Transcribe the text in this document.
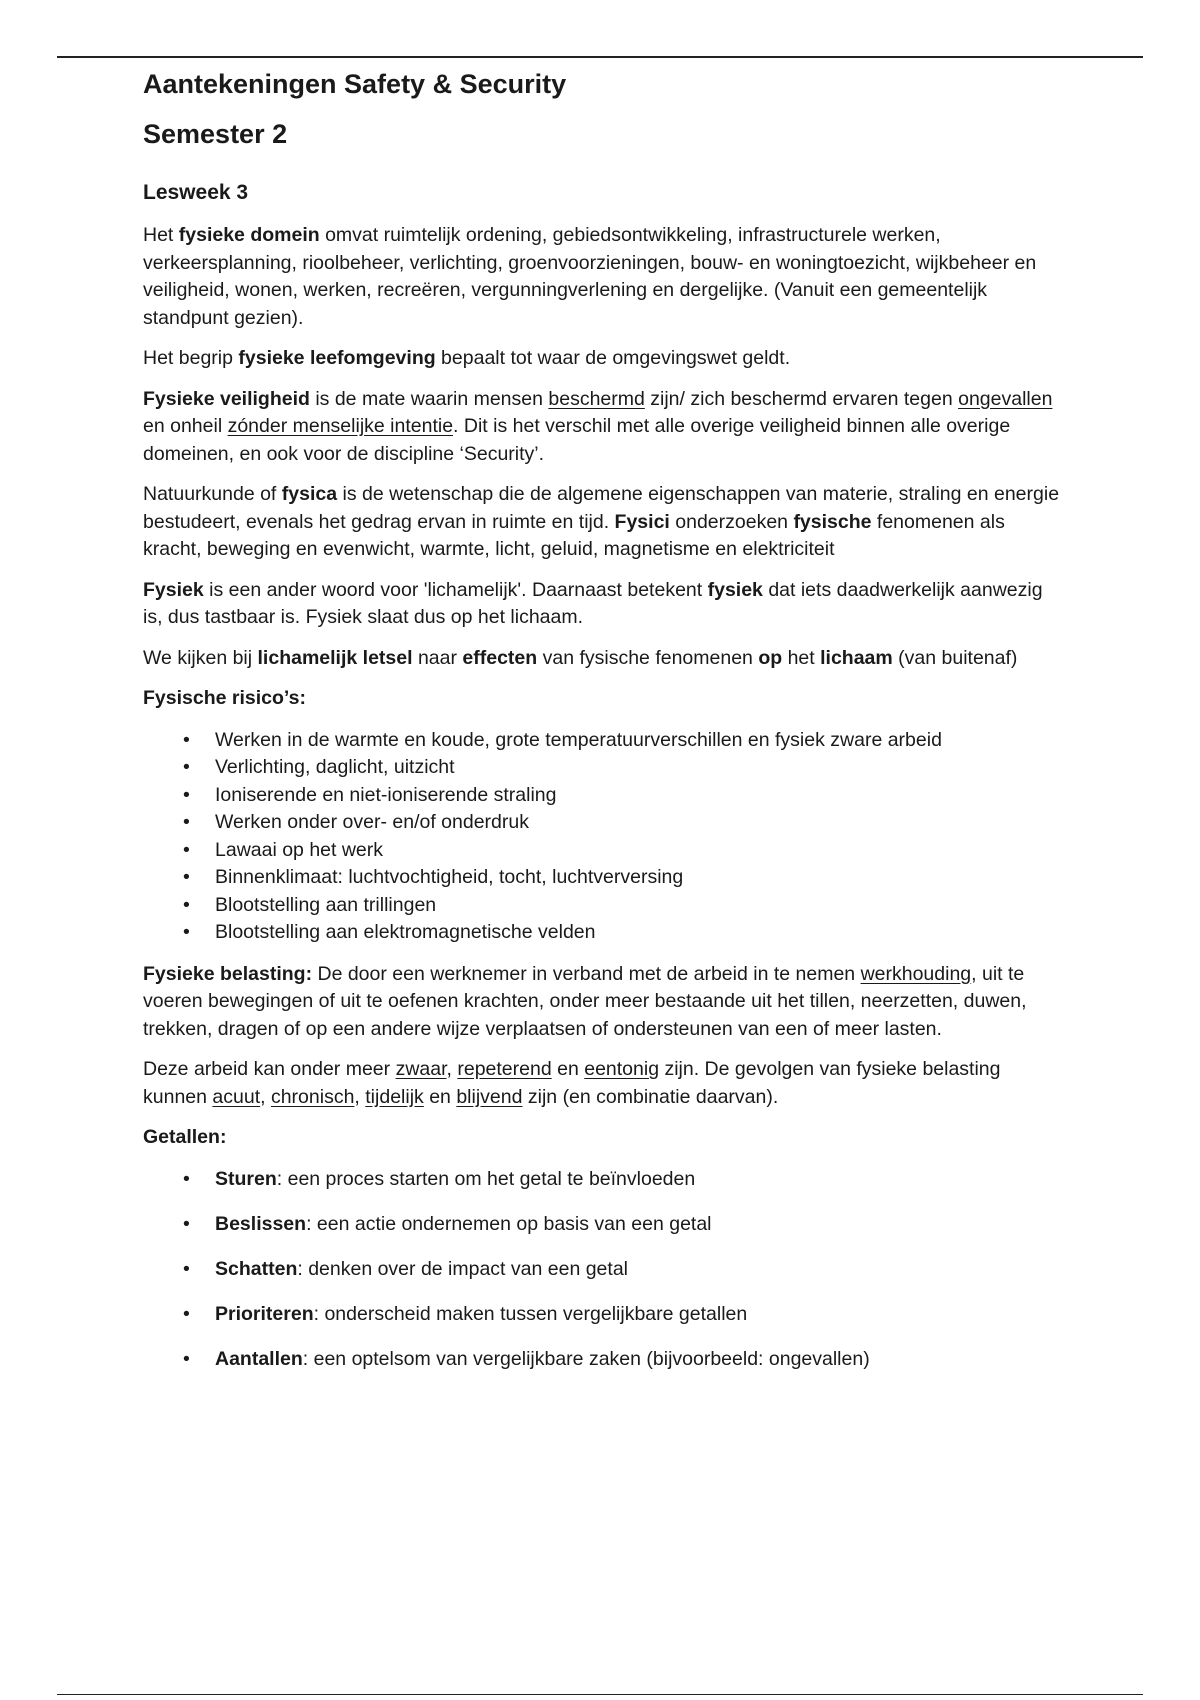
Aantekeningen Safety & Security
Semester 2
Lesweek 3

Het fysieke domein omvat ruimtelijk ordening, gebiedsontwikkeling, infrastructurele werken, verkeersplanning, rioolbeheer, verlichting, groenvoorzieningen, bouw- en woningtoezicht, wijkbeheer en veiligheid, wonen, werken, recreëren, vergunningverlening en dergelijke. (Vanuit een gemeentelijk standpunt gezien).

Het begrip fysieke leefomgeving bepaalt tot waar de omgevingswet geldt.

Fysieke veiligheid is de mate waarin mensen beschermd zijn/ zich beschermd ervaren tegen ongevallen en onheil zónder menselijke intentie. Dit is het verschil met alle overige veiligheid binnen alle overige domeinen, en ook voor de discipline ‘Security’.

Natuurkunde of fysica is de wetenschap die de algemene eigenschappen van materie, straling en energie bestudeert, evenals het gedrag ervan in ruimte en tijd. Fysici onderzoeken fysische fenomenen als kracht, beweging en evenwicht, warmte, licht, geluid, magnetisme en elektriciteit

Fysiek is een ander woord voor 'lichamelijk'. Daarnaast betekent fysiek dat iets daadwerkelijk aanwezig is, dus tastbaar is. Fysiek slaat dus op het lichaam.

We kijken bij lichamelijk letsel naar effecten van fysische fenomenen op het lichaam (van buitenaf)

Fysische risico’s:

• Werken in de warmte en koude, grote temperatuurverschillen en fysiek zware arbeid
• Verlichting, daglicht, uitzicht
• Ioniserende en niet-ioniserende straling
• Werken onder over- en/of onderdruk
• Lawaai op het werk
• Binnenklimaat: luchtvochtigheid, tocht, luchtverversing
• Blootstelling aan trillingen
• Blootstelling aan elektromagnetische velden

Fysieke belasting: De door een werknemer in verband met de arbeid in te nemen werkhouding, uit te voeren bewegingen of uit te oefenen krachten, onder meer bestaande uit het tillen, neerzetten, duwen, trekken, dragen of op een andere wijze verplaatsen of ondersteunen van een of meer lasten.

Deze arbeid kan onder meer zwaar, repeterend en eentonig zijn. De gevolgen van fysieke belasting kunnen acuut, chronisch, tijdelijk en blijvend zijn (en combinatie daarvan).

Getallen:

• Sturen: een proces starten om het getal te beïnvloeden
• Beslissen: een actie ondernemen op basis van een getal
• Schatten: denken over de impact van een getal
• Prioriteren: onderscheid maken tussen vergelijkbare getallen
• Aantallen: een optelsom van vergelijkbare zaken (bijvoorbeeld: ongevallen)
